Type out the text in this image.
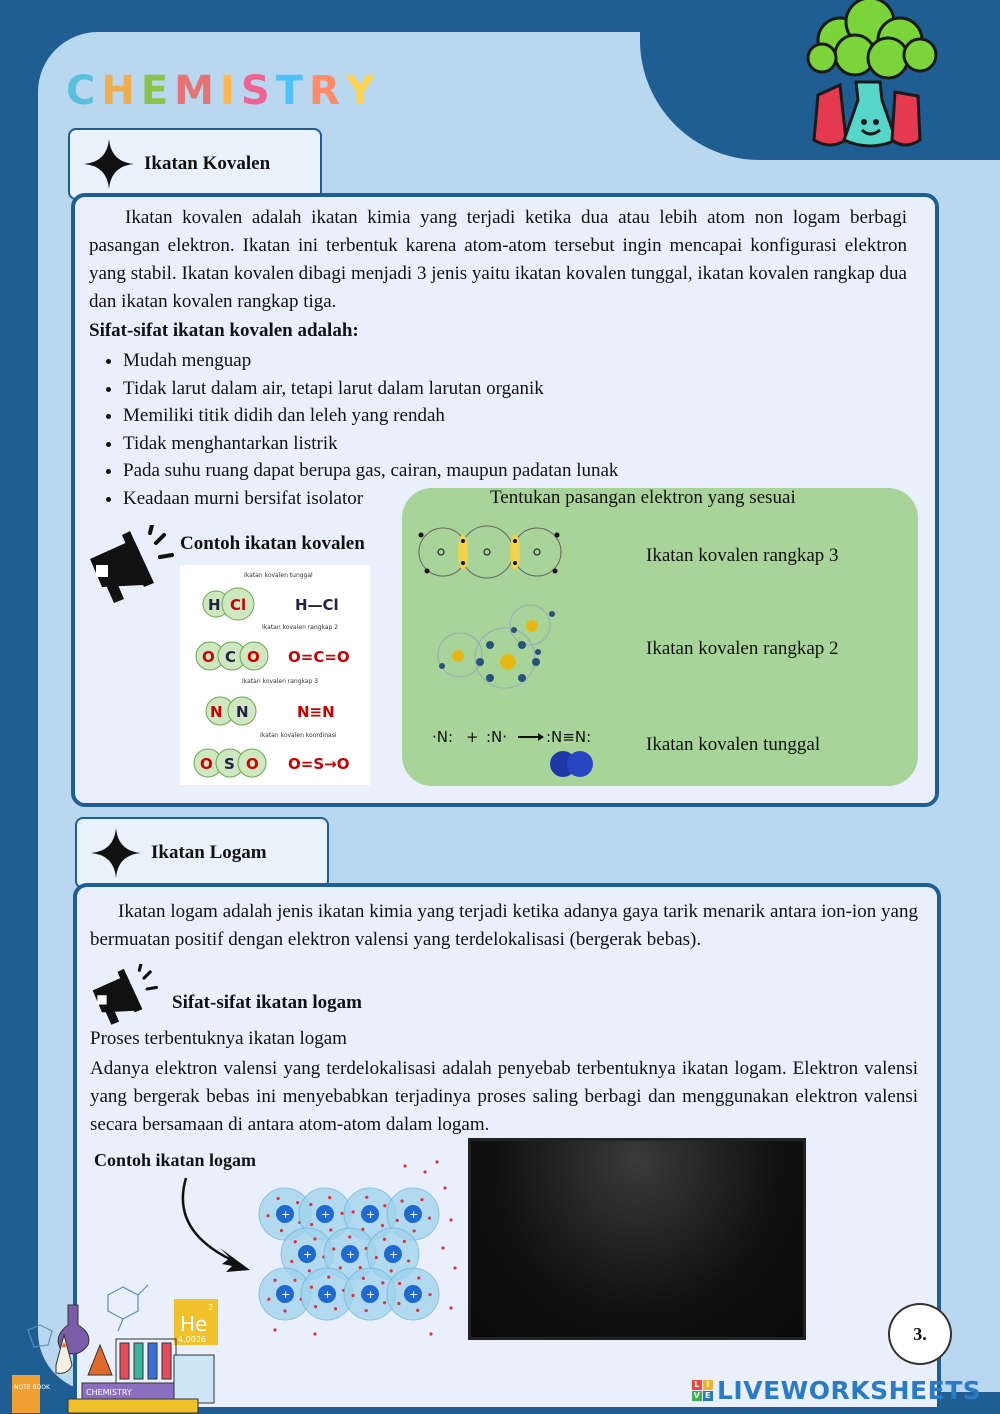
C H E M I S T R Y
Ikatan Kovalen

Ikatan kovalen adalah ikatan kimia yang terjadi ketika dua atau lebih atom non logam berbagi pasangan elektron. Ikatan ini terbentuk karena atom-atom tersebut ingin mencapai konfigurasi elektron yang stabil. Ikatan kovalen dibagi menjadi 3 jenis yaitu ikatan kovalen tunggal, ikatan kovalen rangkap dua dan ikatan kovalen rangkap tiga.

Sifat-sifat ikatan kovalen adalah:
• Mudah menguap
• Tidak larut dalam air, tetapi larut dalam larutan organik
• Memiliki titik didih dan leleh yang rendah
• Tidak menghantarkan listrik
• Pada suhu ruang dapat berupa gas, cairan, maupun padatan lunak
• Keadaan murni bersifat isolator
Contoh ikatan kovalen
Ikatan kovalen tunggal
H Cl	H—Cl
Ikatan kovalen rangkap 2
O C O O=C=O
Ikatan kovalen rangkap 3
N N	N≡N
Ikatan kovalen koordinasi
O S O O=S→O
Tentukan pasangan elektron yang sesuai
·N: + :N·	:N≡N:
Ikatan kovalen rangkap 3
Ikatan kovalen rangkap 2
Ikatan kovalen tunggal
Ikatan Logam

Ikatan logam adalah jenis ikatan kimia yang terjadi ketika adanya gaya tarik menarik antara ion-ion yang bermuatan positif dengan elektron valensi yang terdelokalisasi (bergerak bebas).

Sifat-sifat ikatan logam
Proses terbentuknya ikatan logam

Adanya elektron valensi yang terdelokalisasi adalah penyebab terbentuknya ikatan logam. Elektron valensi yang bergerak bebas ini menyebabkan terjadinya proses saling berbagi dan menggunakan elektron valensi secara bersamaan di antara atom-atom dalam logam.

Contoh ikatan logam
+	+	+	+
+	+	+
+	+	+	+
He
2
4,0026
NOTE BOOK
CHEMISTRY
3.
L I
V E LIVEWORKSHEETS
